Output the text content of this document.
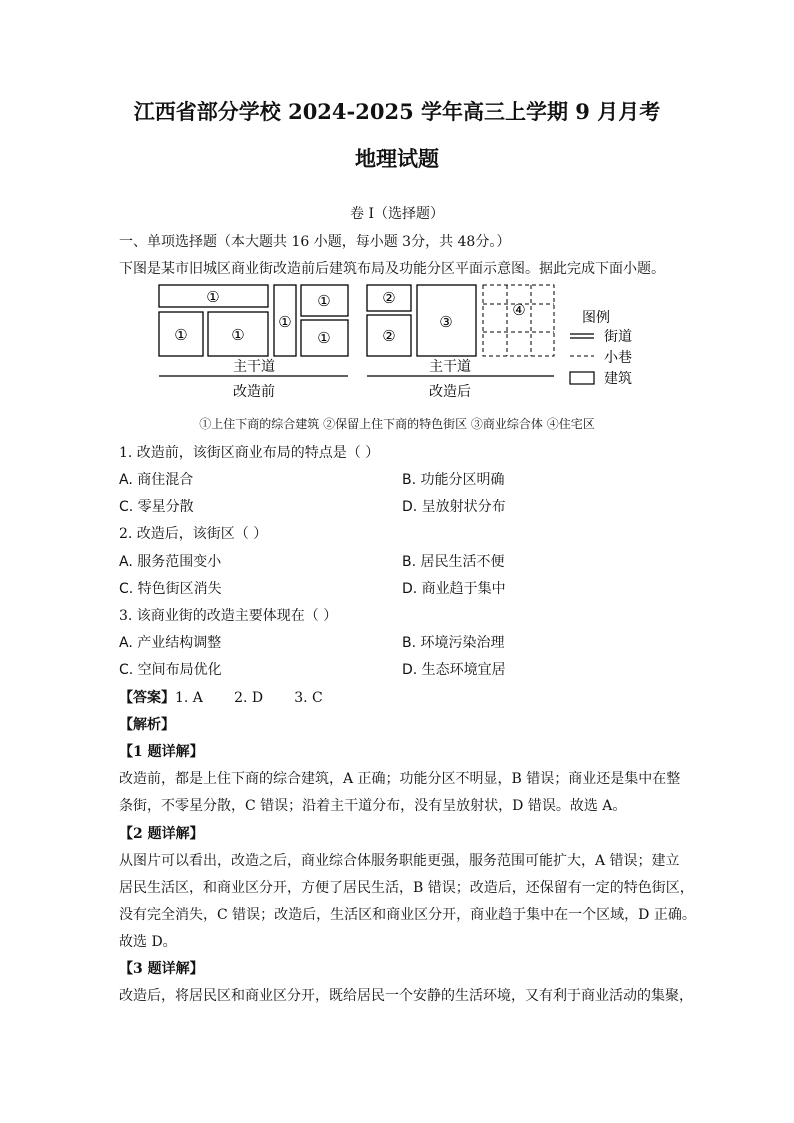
江西省部分学校 2024-2025 学年高三上学期 9 月月考
地理试题
卷 I（选择题）
一、单项选择题（本大题共 16 小题，每小题 3分，共 48分。）
下图是某市旧城区商业街改造前后建筑布局及功能分区平面示意图。据此完成下面小题。
①
①	①
①
①
①
②
②
③
④
主干道	主干道
改造前	改造后
图例
街道
小巷
建筑
①上住下商的综合建筑 ②保留上住下商的特色街区 ③商业综合体 ④住宅区
1. 改造前，该街区商业布局的特点是（ ）
A. 商住混合	B. 功能分区明确
C. 零星分散	D. 呈放射状分布
2. 改造后，该街区（ ）
A. 服务范围变小	B. 居民生活不便
C. 特色街区消失	D. 商业趋于集中
3. 该商业街的改造主要体现在（ ）
A. 产业结构调整	B. 环境污染治理
C. 空间布局优化	D. 生态环境宜居
【答案】1. A       2. D       3. C
【解析】
【1 题详解】
改造前，都是上住下商的综合建筑，A 正确；功能分区不明显，B 错误；商业还是集中在整
条街，不零星分散，C 错误；沿着主干道分布，没有呈放射状，D 错误。故选 A。
【2 题详解】
从图片可以看出，改造之后，商业综合体服务职能更强，服务范围可能扩大，A 错误；建立
居民生活区，和商业区分开，方便了居民生活，B 错误；改造后，还保留有一定的特色街区，
没有完全消失，C 错误；改造后，生活区和商业区分开，商业趋于集中在一个区域，D 正确。
故选 D。
【3 题详解】
改造后，将居民区和商业区分开，既给居民一个安静的生活环境，又有利于商业活动的集聚，
